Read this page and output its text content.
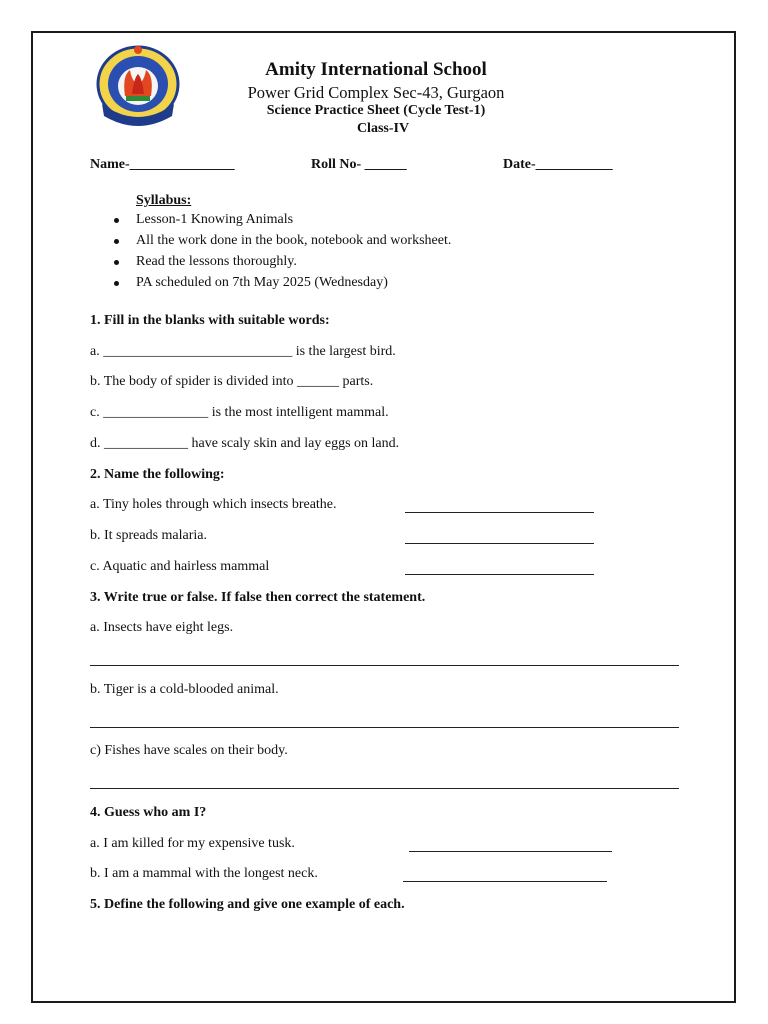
Amity International School
Power Grid Complex Sec-43, Gurgaon
Science Practice Sheet (Cycle Test-1)
Class-IV
Name-_______________	Roll No- ______	Date-___________
Syllabus:
Lesson-1 Knowing Animals
All the work done in the book, notebook and worksheet.
Read the lessons thoroughly.
PA scheduled on 7th May 2025 (Wednesday)
1. Fill in the blanks with suitable words:
a. ___________________________ is the largest bird.
b. The body of spider is divided into ______ parts.
c. _______________ is the most intelligent mammal.
d. ____________ have scaly skin and lay eggs on land.
2. Name the following:
a. Tiny holes through which insects breathe.
b. It spreads malaria.
c. Aquatic and hairless mammal
3. Write true or false. If false then correct the statement.
a. Insects have eight legs.
b. Tiger is a cold-blooded animal.
c) Fishes have scales on their body.
4. Guess who am I?
a. I am killed for my expensive tusk.
b. I am a mammal with the longest neck.
5. Define the following and give one example of each.
